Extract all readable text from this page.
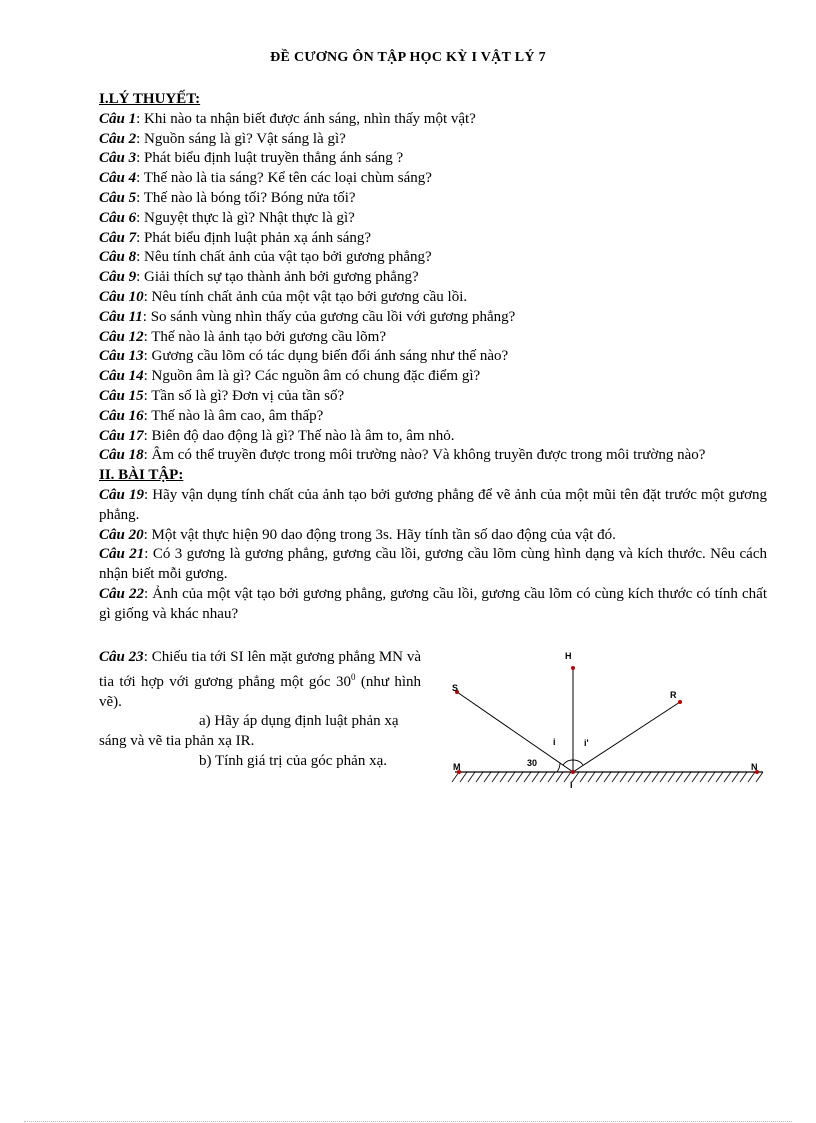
ĐỀ CƯƠNG ÔN TẬP HỌC KỲ I VẬT LÝ 7
I.LÝ THUYẾT:

Câu 1: Khi nào ta nhận biết được ánh sáng, nhìn thấy một vật?

Câu 2: Nguồn sáng là gì? Vật sáng là gì?

Câu 3: Phát biểu định luật truyền thẳng ánh sáng ?

Câu 4: Thế nào là tia sáng? Kể tên các loại chùm sáng?

Câu 5: Thế nào là bóng tối? Bóng nửa tối?

Câu 6: Nguyệt thực là gì? Nhật thực là gì?

Câu 7: Phát biểu định luật phản xạ ánh sáng?

Câu 8: Nêu tính chất ảnh của vật tạo bởi gương phẳng?

Câu 9: Giải thích sự tạo thành ảnh bởi gương phẳng?

Câu 10: Nêu tính chất ảnh của một vật tạo bởi gương cầu lồi.

Câu 11: So sánh vùng nhìn thấy của gương cầu lồi với gương phẳng?

Câu 12: Thế nào là ảnh tạo bởi gương cầu lõm?

Câu 13: Gương cầu lõm có tác dụng biến đổi ánh sáng như thế nào?

Câu 14: Nguồn âm là gì? Các nguồn âm có chung đặc điểm gì?

Câu 15: Tần số là gì? Đơn vị của tần số?

Câu 16: Thế nào là âm cao, âm thấp?

Câu 17: Biên độ dao động là gì? Thế nào là âm to, âm nhỏ.

Câu 18: Âm có thể truyền được trong môi trường nào? Và không truyền được trong môi trường nào?

II. BÀI TẬP:

Câu 19: Hãy vận dụng tính chất của ảnh tạo bởi gương phẳng để vẽ ảnh của một mũi tên đặt trước một gương phẳng.

Câu 20: Một vật thực hiện 90 dao động trong 3s. Hãy tính tần số dao động của vật đó.

Câu 21: Có 3 gương là gương phẳng, gương cầu lồi, gương cầu lõm cùng hình dạng và kích thước. Nêu cách nhận biết mỗi gương.

Câu 22: Ảnh của một vật tạo bởi gương phẳng, gương cầu lồi, gương cầu lõm có cùng kích thước có tính chất gì giống và khác nhau?

Câu 23: Chiếu tia tới SI lên mặt gương phẳng MN và tia tới hợp với gương phẳng một góc $30^0$ (như hình vẽ).

a) Hãy áp dụng định luật phản xạ
sáng và vẽ tia phản xạ IR.
b) Tính giá trị của góc phản xạ.
H
S
R
M	N
I
i	i'
30
